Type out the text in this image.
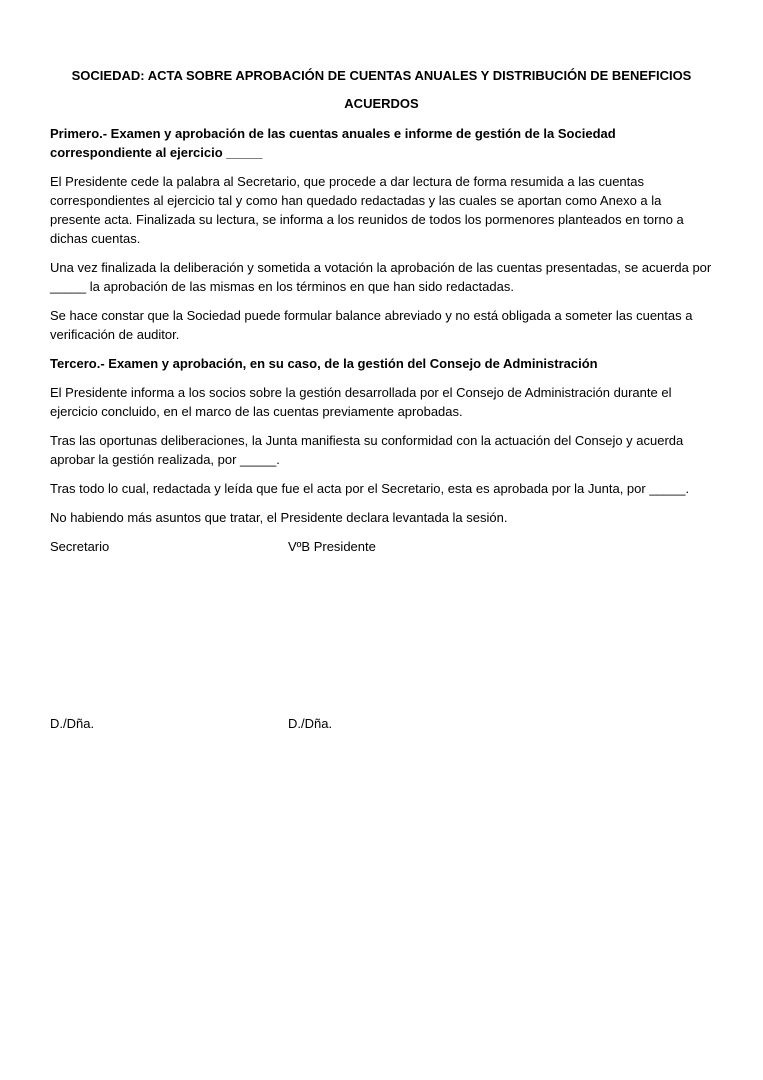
SOCIEDAD: ACTA SOBRE APROBACIÓN DE CUENTAS ANUALES Y DISTRIBUCIÓN DE BENEFICIOS
ACUERDOS
Primero.- Examen y aprobación de las cuentas anuales e informe de gestión de la Sociedad correspondiente al ejercicio _____

El Presidente cede la palabra al Secretario, que procede a dar lectura de forma resumida a las cuentas correspondientes al ejercicio tal y como han quedado redactadas y las cuales se aportan como Anexo a la presente acta. Finalizada su lectura, se informa a los reunidos de todos los pormenores planteados en torno a dichas cuentas.

Una vez finalizada la deliberación y sometida a votación la aprobación de las cuentas presentadas, se acuerda por _____ la aprobación de las mismas en los términos en que han sido redactadas.

Se hace constar que la Sociedad puede formular balance abreviado y no está obligada a someter las cuentas a verificación de auditor.

Tercero.- Examen y aprobación, en su caso, de la gestión del Consejo de Administración

El Presidente informa a los socios sobre la gestión desarrollada por el Consejo de Administración durante el ejercicio concluido, en el marco de las cuentas previamente aprobadas.

Tras las oportunas deliberaciones, la Junta manifiesta su conformidad con la actuación del Consejo y acuerda aprobar la gestión realizada, por _____.

Tras todo lo cual, redactada y leída que fue el acta por el Secretario, esta es aprobada por la Junta, por _____.

No habiendo más asuntos que tratar, el Presidente declara levantada la sesión.

Secretario	VºB Presidente
D./Dña.	D./Dña.
